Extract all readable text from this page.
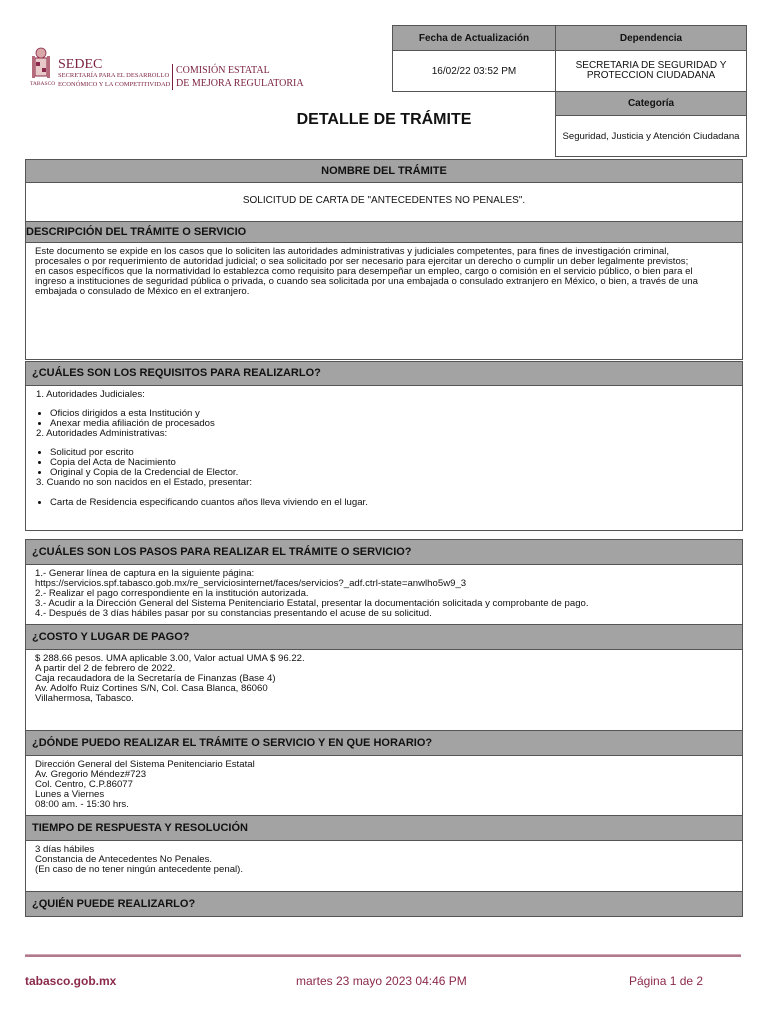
SEDEC
SECRETARÍA PARA EL DESARROLLO
ECONÓMICO Y LA COMPETITIVIDAD
TABASCO
COMISIÓN ESTATAL
DE MEJORA REGULATORIA
Fecha de Actualización	Dependencia
16/02/22 03:52 PM	SECRETARIA DE SEGURIDAD Y PROTECCION CIUDADANA
	Categoría
	Seguridad, Justicia y Atención Ciudadana
DETALLE DE TRÁMITE
NOMBRE DEL TRÁMITE
SOLICITUD DE CARTA DE "ANTECEDENTES NO PENALES".
DESCRIPCIÓN DEL TRÁMITE O SERVICIO
Este documento se expide en los casos que lo soliciten las autoridades administrativas y judiciales competentes, para fines de investigación criminal,
procesales o por requerimiento de autoridad judicial; o sea solicitado por ser necesario para ejercitar un derecho o cumplir un deber legalmente previstos;
en casos específicos que la normatividad lo establezca como requisito para desempeñar un empleo, cargo o comisión en el servicio público, o bien para el
ingreso a instituciones de seguridad pública o privada, o cuando sea solicitada por una embajada o consulado extranjero en México, o bien, a través de una
embajada o consulado de México en el extranjero.
¿CUÁLES SON LOS REQUISITOS PARA REALIZARLO?
1. Autoridades Judiciales:
• Oficios dirigidos a esta Institución y
• Anexar media afiliación de procesados
2. Autoridades Administrativas:
• Solicitud por escrito
• Copia del Acta de Nacimiento
• Original y Copia de la Credencial de Elector.
3. Cuando no son nacidos en el Estado, presentar:
• Carta de Residencia especificando cuantos años lleva viviendo en el lugar.
¿CUÁLES SON LOS PASOS PARA REALIZAR EL TRÁMITE O SERVICIO?
1.- Generar línea de captura en la siguiente página:
https://servicios.spf.tabasco.gob.mx/re_serviciosinternet/faces/servicios?_adf.ctrl-state=anwlho5w9_3
2.- Realizar el pago correspondiente en la institución autorizada.
3.- Acudir a la Dirección General del Sistema Penitenciario Estatal, presentar la documentación solicitada y comprobante de pago.
4.- Después de 3 días hábiles pasar por su constancias presentando el acuse de su solicitud.
¿COSTO Y LUGAR DE PAGO?
$ 288.66 pesos. UMA aplicable 3.00, Valor actual UMA $ 96.22.
A partir del 2 de febrero de 2022.
Caja recaudadora de la Secretaría de Finanzas (Base 4)
Av. Adolfo Ruiz Cortines S/N, Col. Casa Blanca, 86060
Villahermosa, Tabasco.
¿DÓNDE PUEDO REALIZAR EL TRÁMITE O SERVICIO Y EN QUE HORARIO?
Dirección General del Sistema Penitenciario Estatal
Av. Gregorio Méndez#723
Col. Centro, C.P.86077
Lunes a Viernes
08:00 am. - 15:30 hrs.
TIEMPO DE RESPUESTA Y RESOLUCIÓN
3 días hábiles
Constancia de Antecedentes No Penales.
(En caso de no tener ningún antecedente penal).
¿QUIÉN PUEDE REALIZARLO?
tabasco.gob.mx	martes 23 mayo 2023 04:46 PM	Página 1 de 2
